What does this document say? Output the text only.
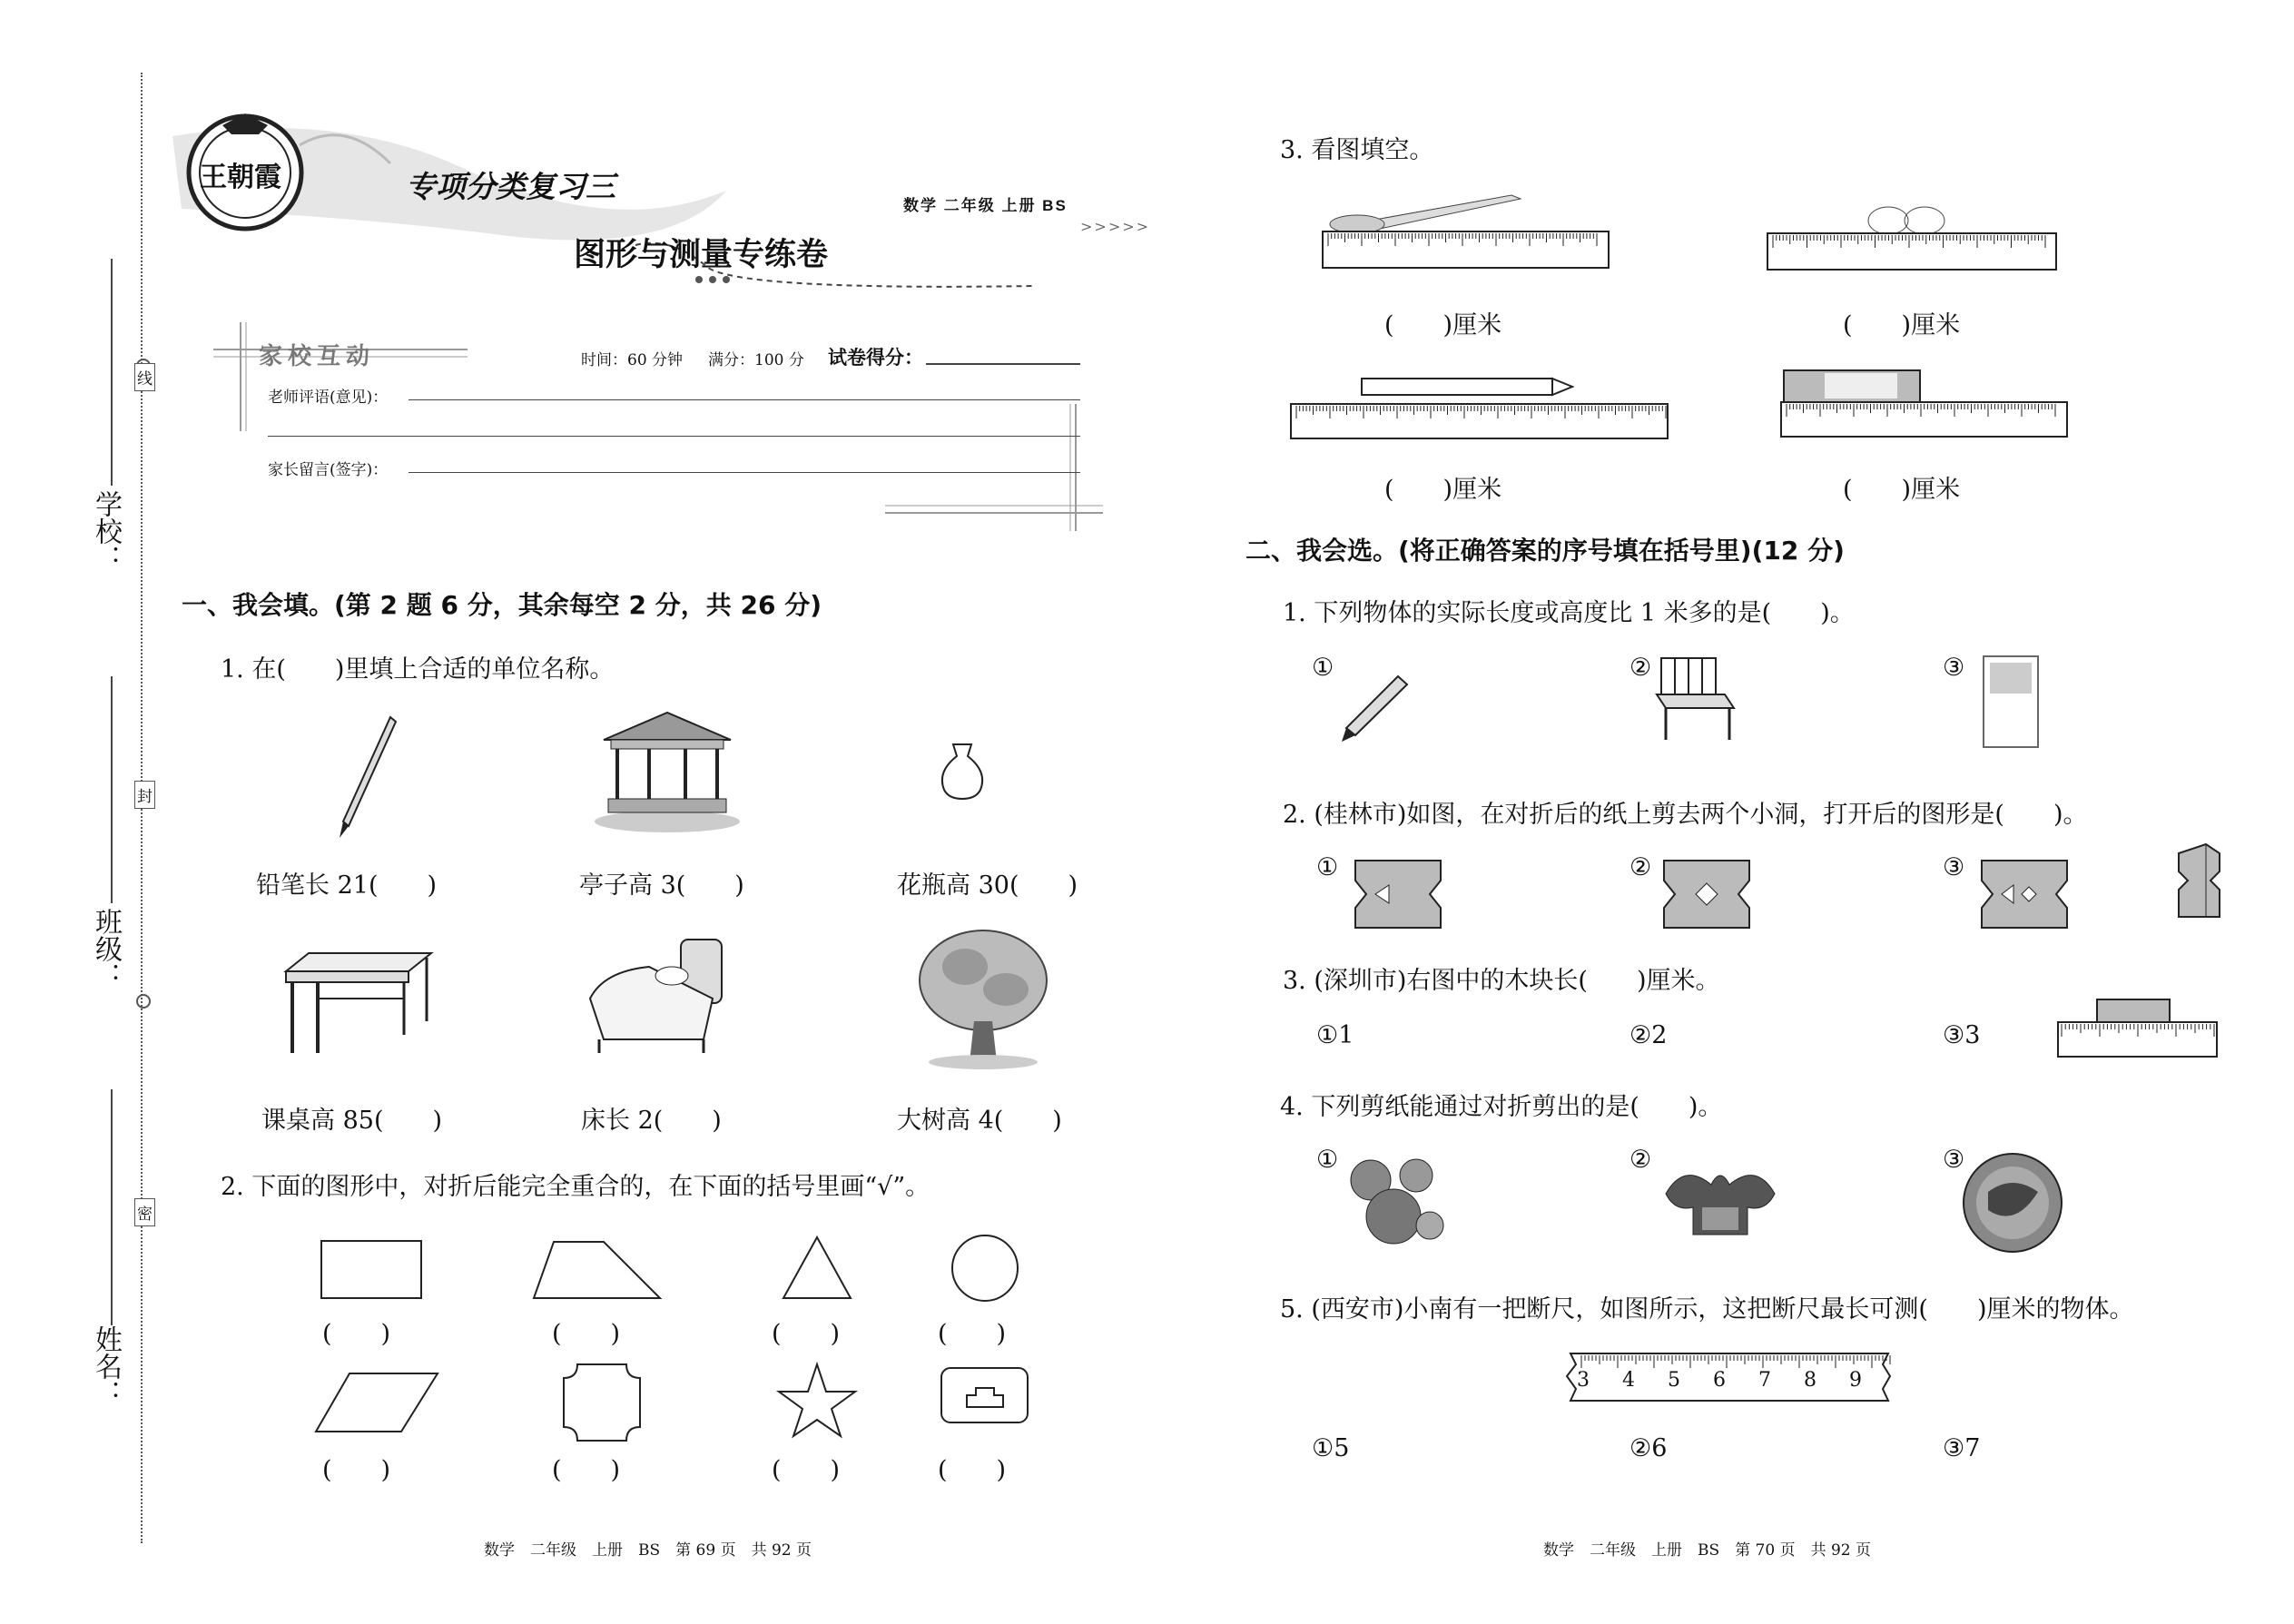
线
封
密
学校：
班级：
姓名：
王朝霞	专项分类复习三
数学 二年级 上册 BS
>>>>>
图形与测量专练卷
家校互动	时间：60 分钟 满分：100 分 试卷得分：
老师评语(意见)：
家长留言(签字)：
一、我会填。(第 2 题 6 分，其余每空 2 分，共 26 分)
1. 在(　　)里填上合适的单位名称。
铅笔长 21(　　)	亭子高 3(　　)	花瓶高 30(　　)
课桌高 85(　　)	床长 2(　　)	大树高 4(　　)
2. 下面的图形中，对折后能完全重合的，在下面的括号里画“√”。
(　　)	(　　)	(　　)	(　　)
(　　)	(　　)	(　　)	(　　)
数学　二年级　上册　BS　第 69 页　共 92 页
3. 看图填空。
(　　)厘米	(　　)厘米
(　　)厘米	(　　)厘米
二、我会选。(将正确答案的序号填在括号里)(12 分)
1. 下列物体的实际长度或高度比 1 米多的是(　　)。
①	②	③
2. (桂林市)如图，在对折后的纸上剪去两个小洞，打开后的图形是(　　)。
①	②	③
3. (深圳市)右图中的木块长(　　)厘米。
①1	②2	③3
4. 下列剪纸能通过对折剪出的是(　　)。
①	②	③
5. (西安市)小南有一把断尺，如图所示，这把断尺最长可测(　　)厘米的物体。
3 4 5 6 7 8 9
①5	②6	③7
数学　二年级　上册　BS　第 70 页　共 92 页
